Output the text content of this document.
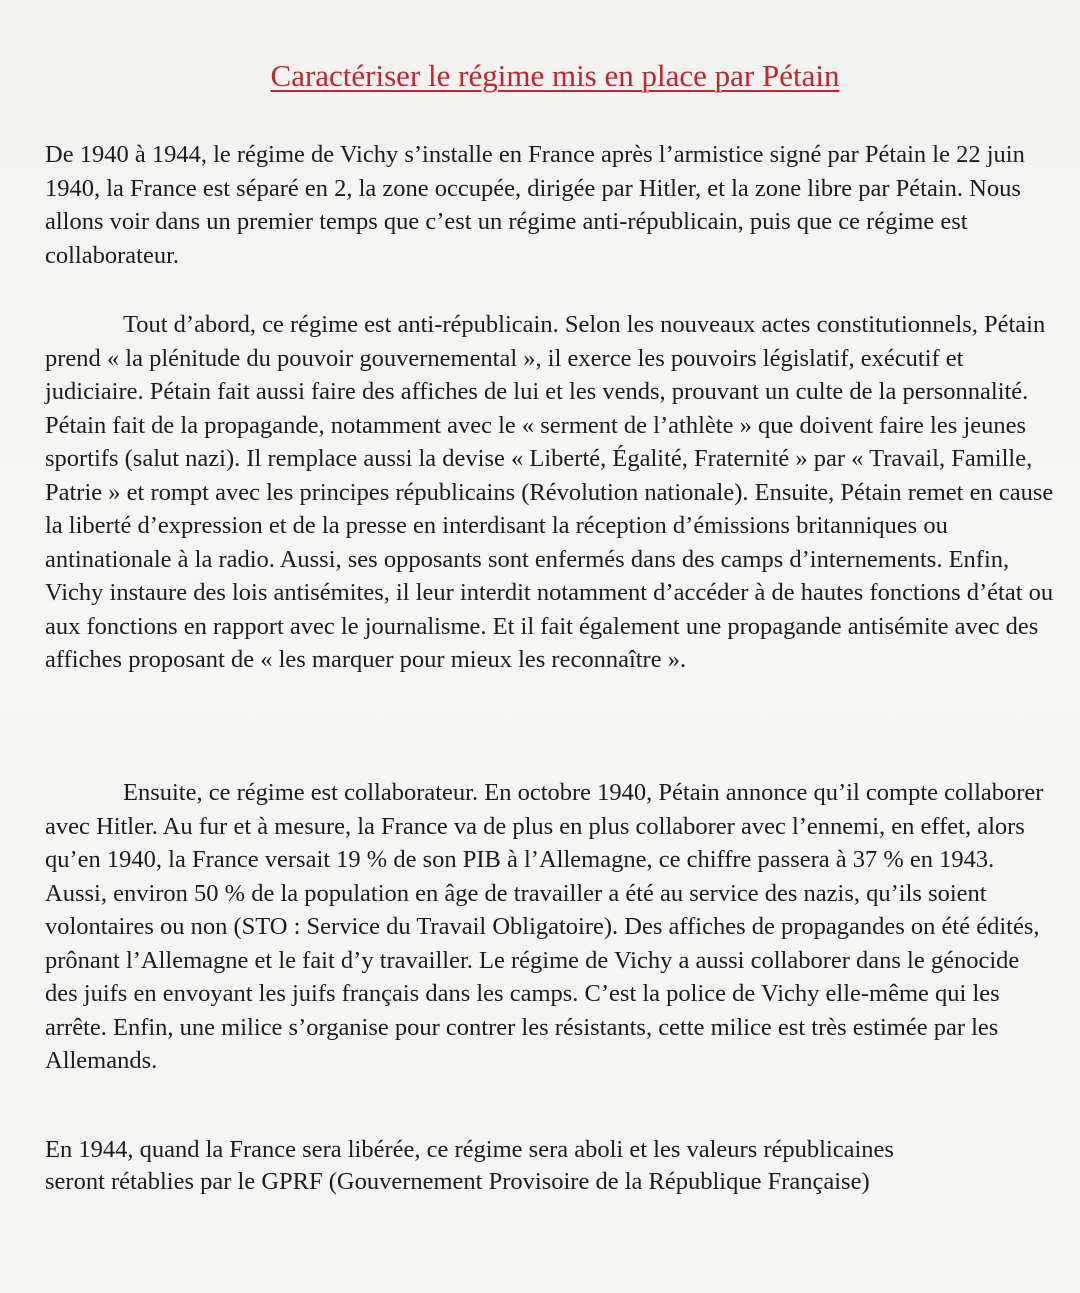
Caractériser le régime mis en place par Pétain

De 1940 à 1944, le régime de Vichy s’installe en France après l’armistice signé par Pétain le 22 juin 1940, la France est séparé en 2, la zone occupée, dirigée par Hitler, et la zone libre par Pétain. Nous allons voir dans un premier temps que c’est un régime anti-républicain, puis que ce régime est collaborateur.

Tout d’abord, ce régime est anti-républicain. Selon les nouveaux actes constitutionnels, Pétain prend « la plénitude du pouvoir gouvernemental », il exerce les pouvoirs législatif, exécutif et judiciaire. Pétain fait aussi faire des affiches de lui et les vends, prouvant un culte de la personnalité. Pétain fait de la propagande, notamment avec le « serment de l’athlète » que doivent faire les jeunes sportifs (salut nazi). Il remplace aussi la devise « Liberté, Égalité, Fraternité » par « Travail, Famille, Patrie » et rompt avec les principes républicains (Révolution nationale). Ensuite, Pétain remet en cause la liberté d’expression et de la presse en interdisant la réception d’émissions britanniques ou antinationale à la radio. Aussi, ses opposants sont enfermés dans des camps d’internements. Enfin, Vichy instaure des lois antisémites, il leur interdit notamment d’accéder à de hautes fonctions d’état ou aux fonctions en rapport avec le journalisme. Et il fait également une propagande antisémite avec des affiches proposant de « les marquer pour mieux les reconnaître ».

Ensuite, ce régime est collaborateur. En octobre 1940, Pétain annonce qu’il compte collaborer avec Hitler. Au fur et à mesure, la France va de plus en plus collaborer avec l’ennemi, en effet, alors qu’en 1940, la France versait 19 % de son PIB à l’Allemagne, ce chiffre passera à 37 % en 1943. Aussi, environ 50 % de la population en âge de travailler a été au service des nazis, qu’ils soient volontaires ou non (STO : Service du Travail Obligatoire). Des affiches de propagandes on été édités, prônant l’Allemagne et le fait d’y travailler. Le régime de Vichy a aussi collaborer dans le génocide des juifs en envoyant les juifs français dans les camps. C’est la police de Vichy elle-même qui les arrête. Enfin, une milice s’organise pour contrer les résistants, cette milice est très estimée par les Allemands.

En 1944, quand la France sera libérée, ce régime sera aboli et les valeurs républicaines seront rétablies par le GPRF (Gouvernement Provisoire de la République Française)
